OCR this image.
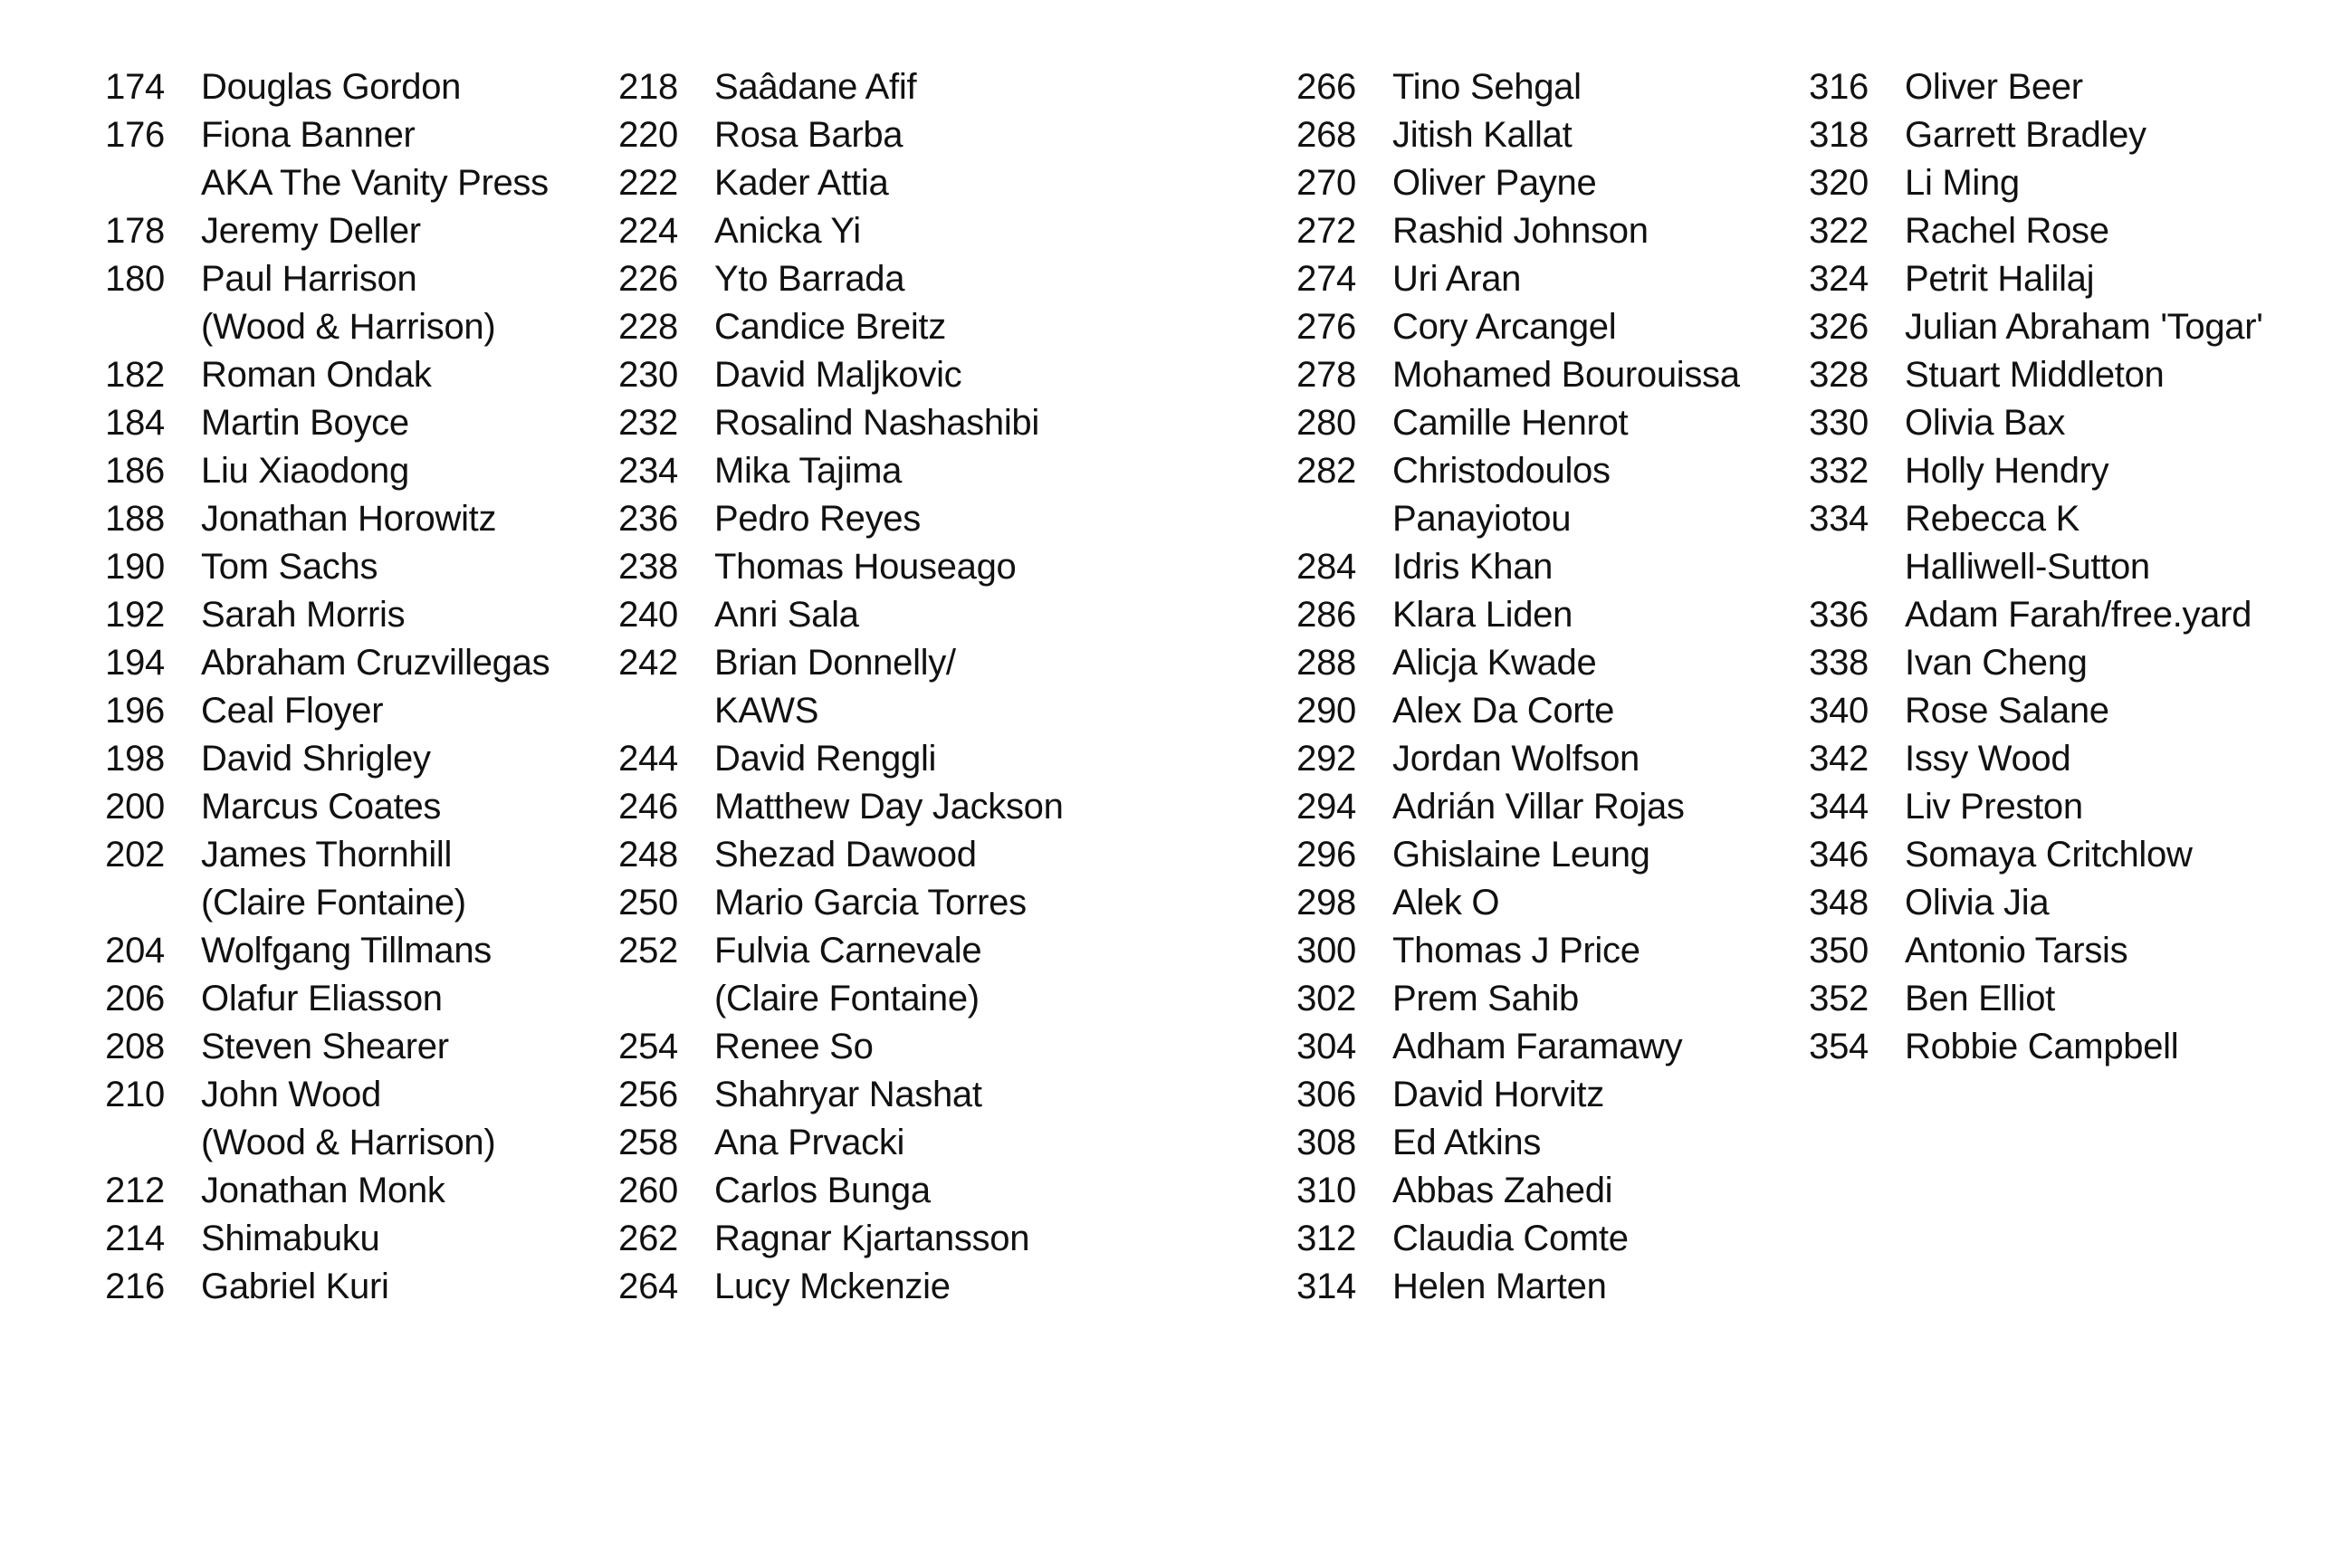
174 Douglas Gordon
176 Fiona Banner
AKA The Vanity Press
178 Jeremy Deller
180 Paul Harrison
(Wood & Harrison)
182 Roman Ondak
184 Martin Boyce
186 Liu Xiaodong
188 Jonathan Horowitz
190 Tom Sachs
192 Sarah Morris
194 Abraham Cruzvillegas
196 Ceal Floyer
198 David Shrigley
200 Marcus Coates
202 James Thornhill
(Claire Fontaine)
204 Wolfgang Tillmans
206 Olafur Eliasson
208 Steven Shearer
210 John Wood
(Wood & Harrison)
212 Jonathan Monk
214 Shimabuku
216 Gabriel Kuri
218 Saâdane Afif
220 Rosa Barba
222 Kader Attia
224 Anicka Yi
226 Yto Barrada
228 Candice Breitz
230 David Maljkovic
232 Rosalind Nashashibi
234 Mika Tajima
236 Pedro Reyes
238 Thomas Houseago
240 Anri Sala
242 Brian Donnelly/
KAWS
244 David Renggli
246 Matthew Day Jackson
248 Shezad Dawood
250 Mario Garcia Torres
252 Fulvia Carnevale
(Claire Fontaine)
254 Renee So
256 Shahryar Nashat
258 Ana Prvacki
260 Carlos Bunga
262 Ragnar Kjartansson
264 Lucy Mckenzie
266 Tino Sehgal
268 Jitish Kallat
270 Oliver Payne
272 Rashid Johnson
274 Uri Aran
276 Cory Arcangel
278 Mohamed Bourouissa
280 Camille Henrot
282 Christodoulos
Panayiotou
284 Idris Khan
286 Klara Liden
288 Alicja Kwade
290 Alex Da Corte
292 Jordan Wolfson
294 Adrián Villar Rojas
296 Ghislaine Leung
298 Alek O
300 Thomas J Price
302 Prem Sahib
304 Adham Faramawy
306 David Horvitz
308 Ed Atkins
310 Abbas Zahedi
312 Claudia Comte
314 Helen Marten
316 Oliver Beer
318 Garrett Bradley
320 Li Ming
322 Rachel Rose
324 Petrit Halilaj
326 Julian Abraham 'Togar'
328 Stuart Middleton
330 Olivia Bax
332 Holly Hendry
334 Rebecca K
Halliwell-Sutton
336 Adam Farah/free.yard
338 Ivan Cheng
340 Rose Salane
342 Issy Wood
344 Liv Preston
346 Somaya Critchlow
348 Olivia Jia
350 Antonio Tarsis
352 Ben Elliot
354 Robbie Campbell
